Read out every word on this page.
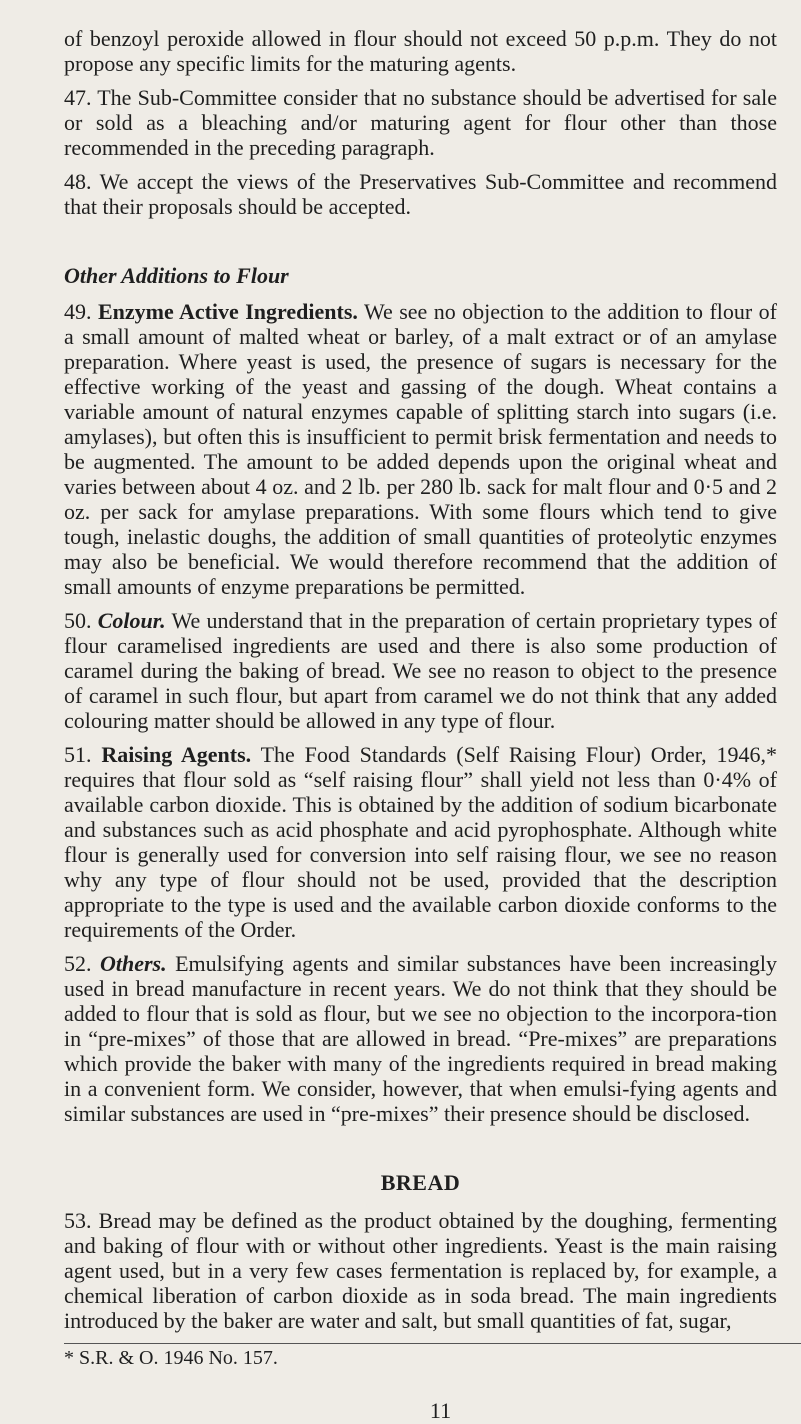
of benzoyl peroxide allowed in flour should not exceed 50 p.p.m. They do not propose any specific limits for the maturing agents.

47. The Sub-Committee consider that no substance should be advertised for sale or sold as a bleaching and/or maturing agent for flour other than those recommended in the preceding paragraph.

48. We accept the views of the Preservatives Sub-Committee and recommend that their proposals should be accepted.

Other Additions to Flour

49. Enzyme Active Ingredients. We see no objection to the addition to flour of a small amount of malted wheat or barley, of a malt extract or of an amylase preparation. Where yeast is used, the presence of sugars is necessary for the effective working of the yeast and gassing of the dough. Wheat contains a variable amount of natural enzymes capable of splitting starch into sugars (i.e. amylases), but often this is insufficient to permit brisk fermentation and needs to be augmented. The amount to be added depends upon the original wheat and varies between about 4 oz. and 2 lb. per 280 lb. sack for malt flour and 0·5 and 2 oz. per sack for amylase preparations. With some flours which tend to give tough, inelastic doughs, the addition of small quantities of proteolytic enzymes may also be beneficial. We would therefore recommend that the addition of small amounts of enzyme preparations be permitted.

50. Colour. We understand that in the preparation of certain proprietary types of flour caramelised ingredients are used and there is also some production of caramel during the baking of bread. We see no reason to object to the presence of caramel in such flour, but apart from caramel we do not think that any added colouring matter should be allowed in any type of flour.

51. Raising Agents. The Food Standards (Self Raising Flour) Order, 1946,* requires that flour sold as “self raising flour” shall yield not less than 0·4% of available carbon dioxide. This is obtained by the addition of sodium bicarbonate and substances such as acid phosphate and acid pyrophosphate. Although white flour is generally used for conversion into self raising flour, we see no reason why any type of flour should not be used, provided that the description appropriate to the type is used and the available carbon dioxide conforms to the requirements of the Order.

52. Others. Emulsifying agents and similar substances have been increasingly used in bread manufacture in recent years. We do not think that they should be added to flour that is sold as flour, but we see no objection to the incorpora-tion in “pre-mixes” of those that are allowed in bread. “Pre-mixes” are preparations which provide the baker with many of the ingredients required in bread making in a convenient form. We consider, however, that when emulsi-fying agents and similar substances are used in “pre-mixes” their presence should be disclosed.

BREAD

53. Bread may be defined as the product obtained by the doughing, fermenting and baking of flour with or without other ingredients. Yeast is the main raising agent used, but in a very few cases fermentation is replaced by, for example, a chemical liberation of carbon dioxide as in soda bread. The main ingredients introduced by the baker are water and salt, but small quantities of fat, sugar,

* S.R. & O. 1946 No. 157.
11
